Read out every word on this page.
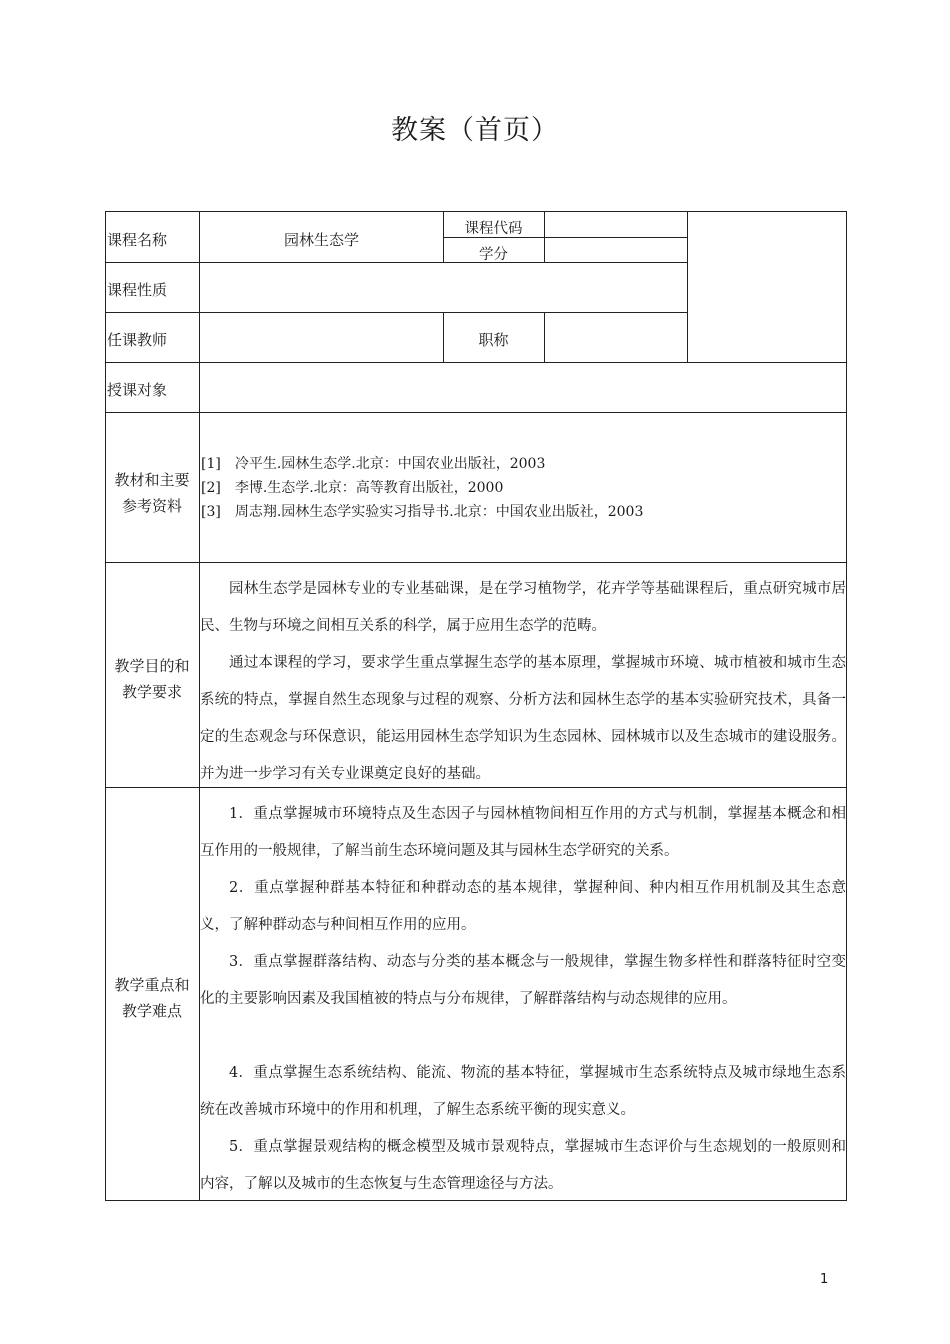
教案（首页）
课程名称	园林生态学
课程代码
学分
课程性质
任课教师	职称
授课对象
教材和主要
参考资料
教学目的和
教学要求
教学重点和
教学难点
[1]　冷平生.园林生态学.北京：中国农业出版社，2003
[2]　李博.生态学.北京：高等教育出版社，2000
[3]　周志翔.园林生态学实验实习指导书.北京：中国农业出版社，2003

园林生态学是园林专业的专业基础课，是在学习植物学，花卉学等基础课程后，重点研究城市居民、生物与环境之间相互关系的科学，属于应用生态学的范畴。

通过本课程的学习，要求学生重点掌握生态学的基本原理，掌握城市环境、城市植被和城市生态系统的特点，掌握自然生态现象与过程的观察、分析方法和园林生态学的基本实验研究技术，具备一定的生态观念与环保意识，能运用园林生态学知识为生态园林、园林城市以及生态城市的建设服务。并为进一步学习有关专业课奠定良好的基础。

1．重点掌握城市环境特点及生态因子与园林植物间相互作用的方式与机制，掌握基本概念和相互作用的一般规律，了解当前生态环境问题及其与园林生态学研究的关系。

2．重点掌握种群基本特征和种群动态的基本规律，掌握种间、种内相互作用机制及其生态意义，了解种群动态与种间相互作用的应用。

3．重点掌握群落结构、动态与分类的基本概念与一般规律，掌握生物多样性和群落特征时空变化的主要影响因素及我国植被的特点与分布规律，了解群落结构与动态规律的应用。

4．重点掌握生态系统结构、能流、物流的基本特征，掌握城市生态系统特点及城市绿地生态系统在改善城市环境中的作用和机理，了解生态系统平衡的现实意义。

5．重点掌握景观结构的概念模型及城市景观特点，掌握城市生态评价与生态规划的一般原则和内容，了解以及城市的生态恢复与生态管理途径与方法。

1
